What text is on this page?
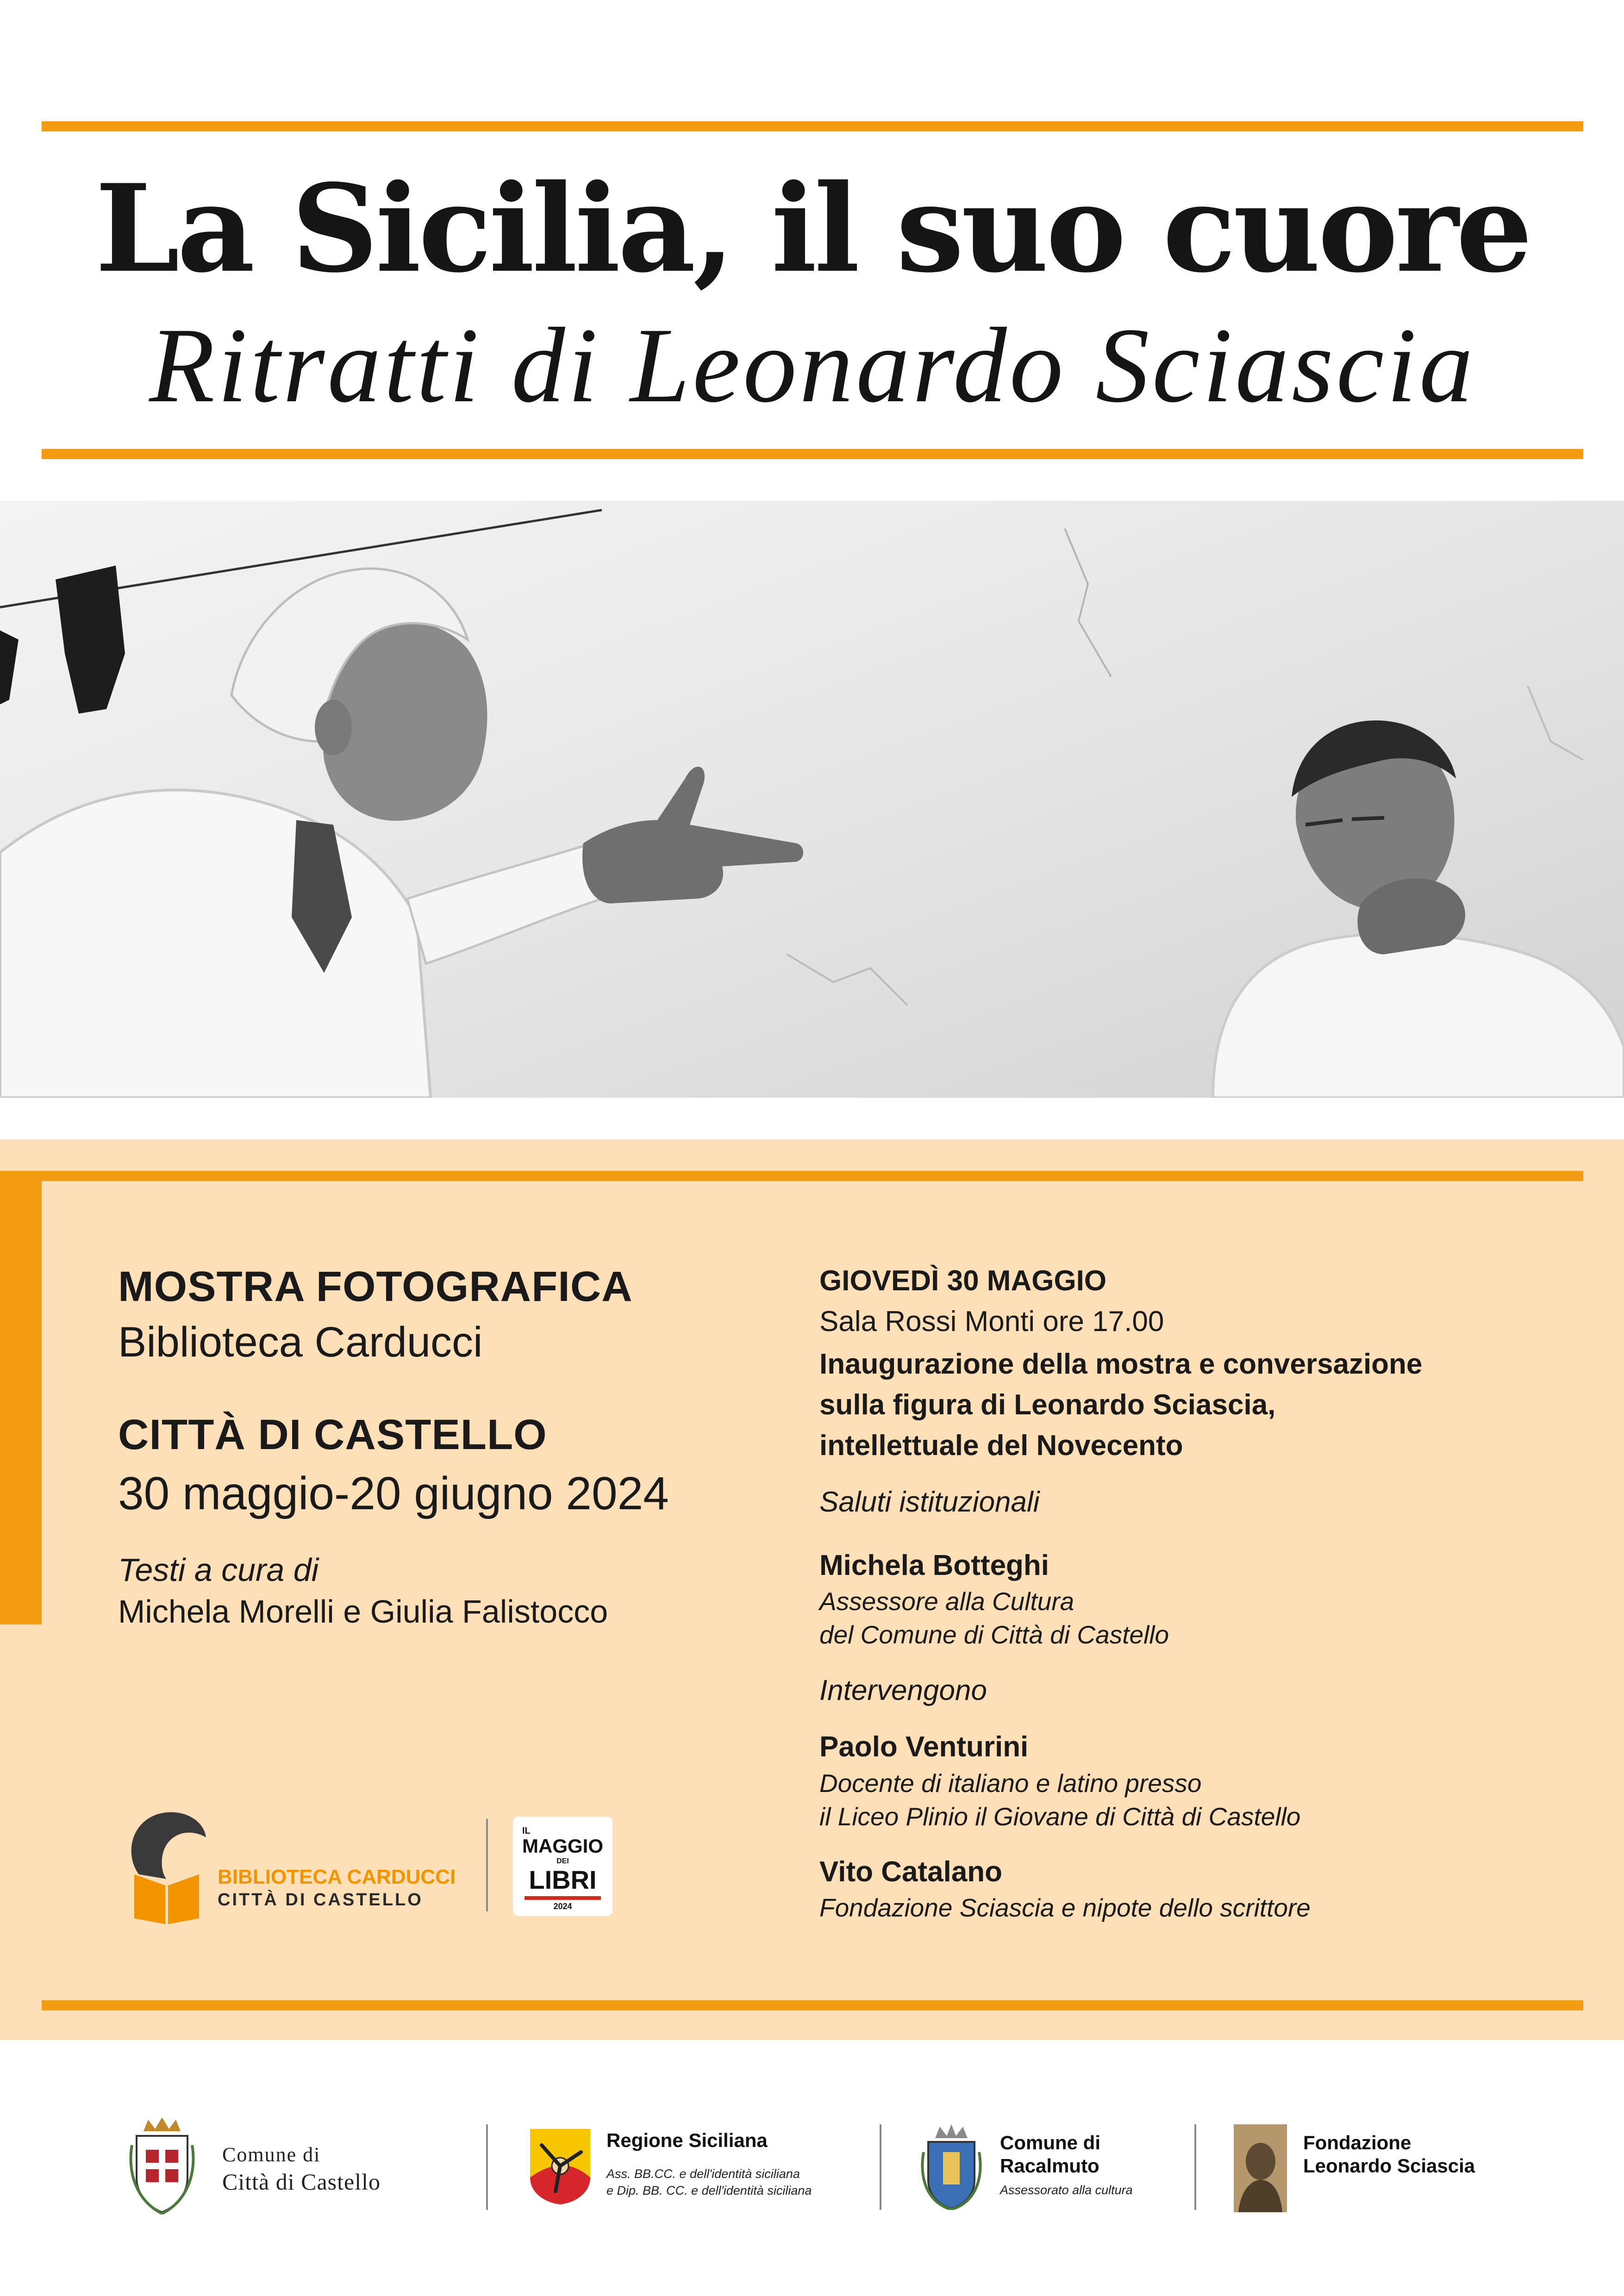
La Sicilia, il suo cuore
Ritratti di Leonardo Sciascia
MOSTRA FOTOGRAFICA
Biblioteca Carducci
CITTÀ DI CASTELLO
30 maggio-20 giugno 2024
Testi a cura di
Michela Morelli e Giulia Falistocco
GIOVEDÌ 30 MAGGIO
Sala Rossi Monti ore 17.00
Inaugurazione della mostra e conversazione
sulla figura di Leonardo Sciascia,
intellettuale del Novecento
Saluti istituzionali
Michela Botteghi
Assessore alla Cultura
del Comune di Città di Castello
Intervengono
Paolo Venturini
Docente di italiano e latino presso
il Liceo Plinio il Giovane di Città di Castello
Vito Catalano
Fondazione Sciascia e nipote dello scrittore
BIBLIOTECA CARDUCCI
CITTÀ DI CASTELLO
IL
MAGGIO
DEI
LIBRI
2024
Comune di
Città di Castello
Regione Siciliana
Ass. BB.CC. e dell'identità siciliana
e Dip. BB. CC. e dell'identità siciliana
Comune di
Racalmuto
Assessorato alla cultura
Fondazione
Leonardo Sciascia
